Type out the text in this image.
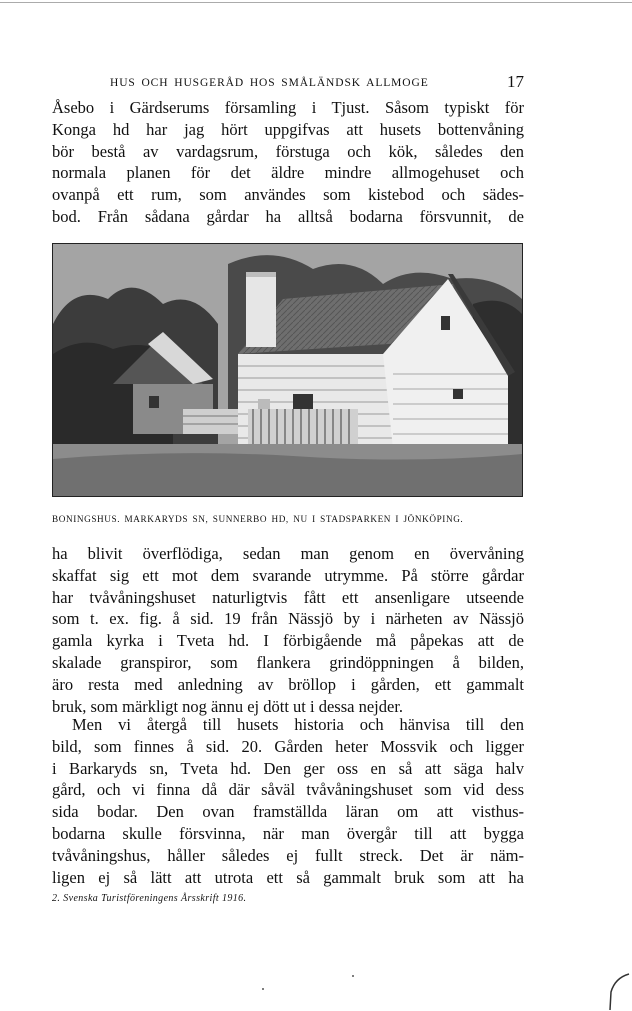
HUS OCH HUSGERÅD HOS SMÅLÄNDSK ALLMOGE	17
Åsebo i Gärdserums församling i Tjust. Såsom typiskt för
Konga hd har jag hört uppgifvas att husets bottenvåning
bör bestå av vardagsrum, förstuga och kök, således den
normala planen för det äldre mindre allmogehuset och
ovanpå ett rum, som användes som kistebod och sädes-
bod. Från sådana gårdar ha alltså bodarna försvunnit, de
BONINGSHUS. MARKARYDS SN, SUNNERBO HD, NU I STADSPARKEN I JÖNKÖPING.
ha blivit överflödiga, sedan man genom en övervåning
skaffat sig ett mot dem svarande utrymme. På större gårdar
har tvåvåningshuset naturligtvis fått ett ansenligare utseende
som t. ex. fig. å sid. 19 från Nässjö by i närheten av Nässjö
gamla kyrka i Tveta hd. I förbigående må påpekas att de
skalade granspiror, som flankera grindöppningen å bilden,
äro resta med anledning av bröllop i gården, ett gammalt
bruk, som märkligt nog ännu ej dött ut i dessa nejder.
Men vi återgå till husets historia och hänvisa till den
bild, som finnes å sid. 20. Gården heter Mossvik och ligger
i Barkaryds sn, Tveta hd. Den ger oss en så att säga halv
gård, och vi finna då där såväl tvåvåningshuset som vid dess
sida bodar. Den ovan framställda läran om att visthus-
bodarna skulle försvinna, när man övergår till att bygga
tvåvåningshus, håller således ej fullt streck. Det är näm-
ligen ej så lätt att utrota ett så gammalt bruk som att ha
2. Svenska Turistföreningens Årsskrift 1916.
